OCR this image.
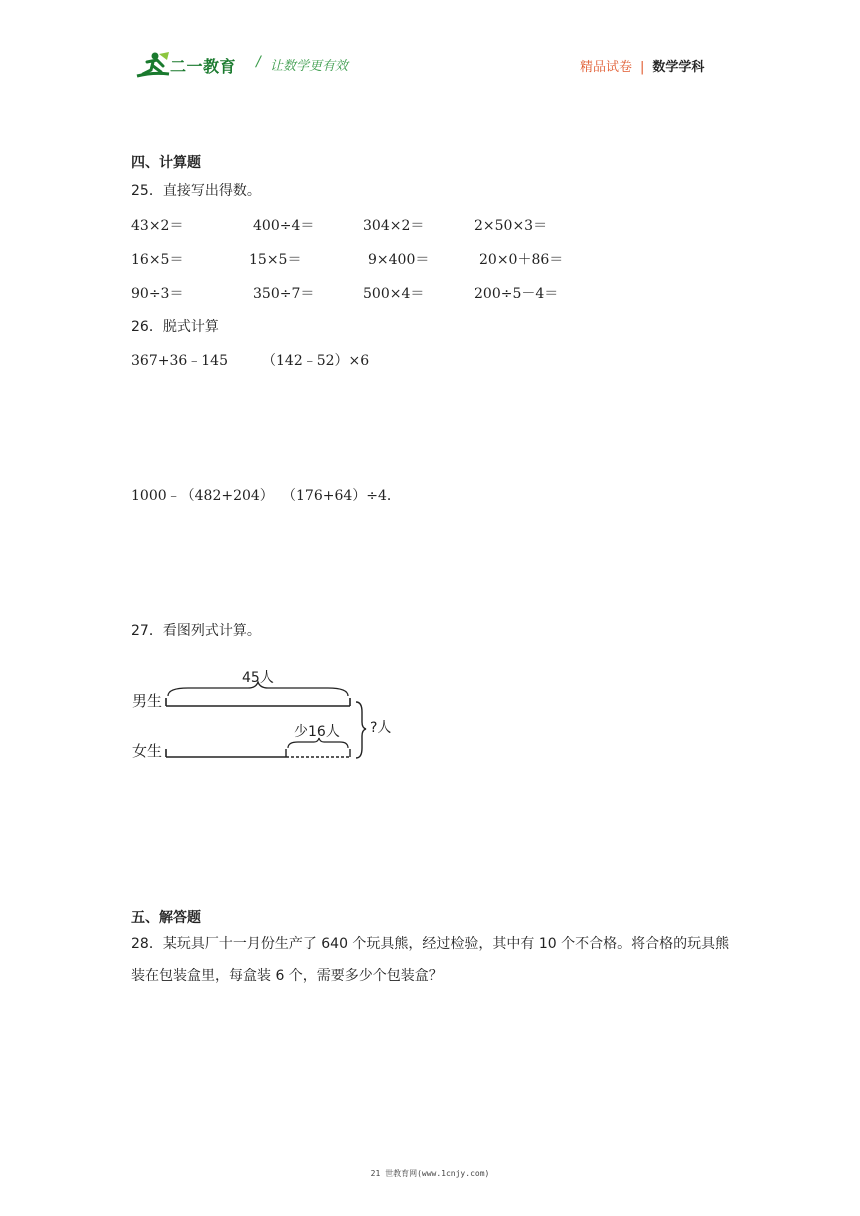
二一教育 / 让数学更有效	精品试卷 | 数学学科
四、计算题
25．直接写出得数。
43×2＝	400÷4＝	304×2＝	2×50×3＝
16×5＝	15×5＝	9×400＝	20×0＋86＝
90÷3＝	350÷7＝	500×4＝	200÷5－4＝
26．脱式计算
367+36﹣145 （142﹣52）×6
1000﹣（482+204） （176+64）÷4．
27．看图列式计算。
男生
女生
45人
少16人 ?人
五、解答题
28．某玩具厂十一月份生产了 640 个玩具熊，经过检验，其中有 10 个不合格。将合格的玩具熊装在包装盒里，每盒装 6 个，需要多少个包装盒？
21 世教育网(www.1cnjy.com)
